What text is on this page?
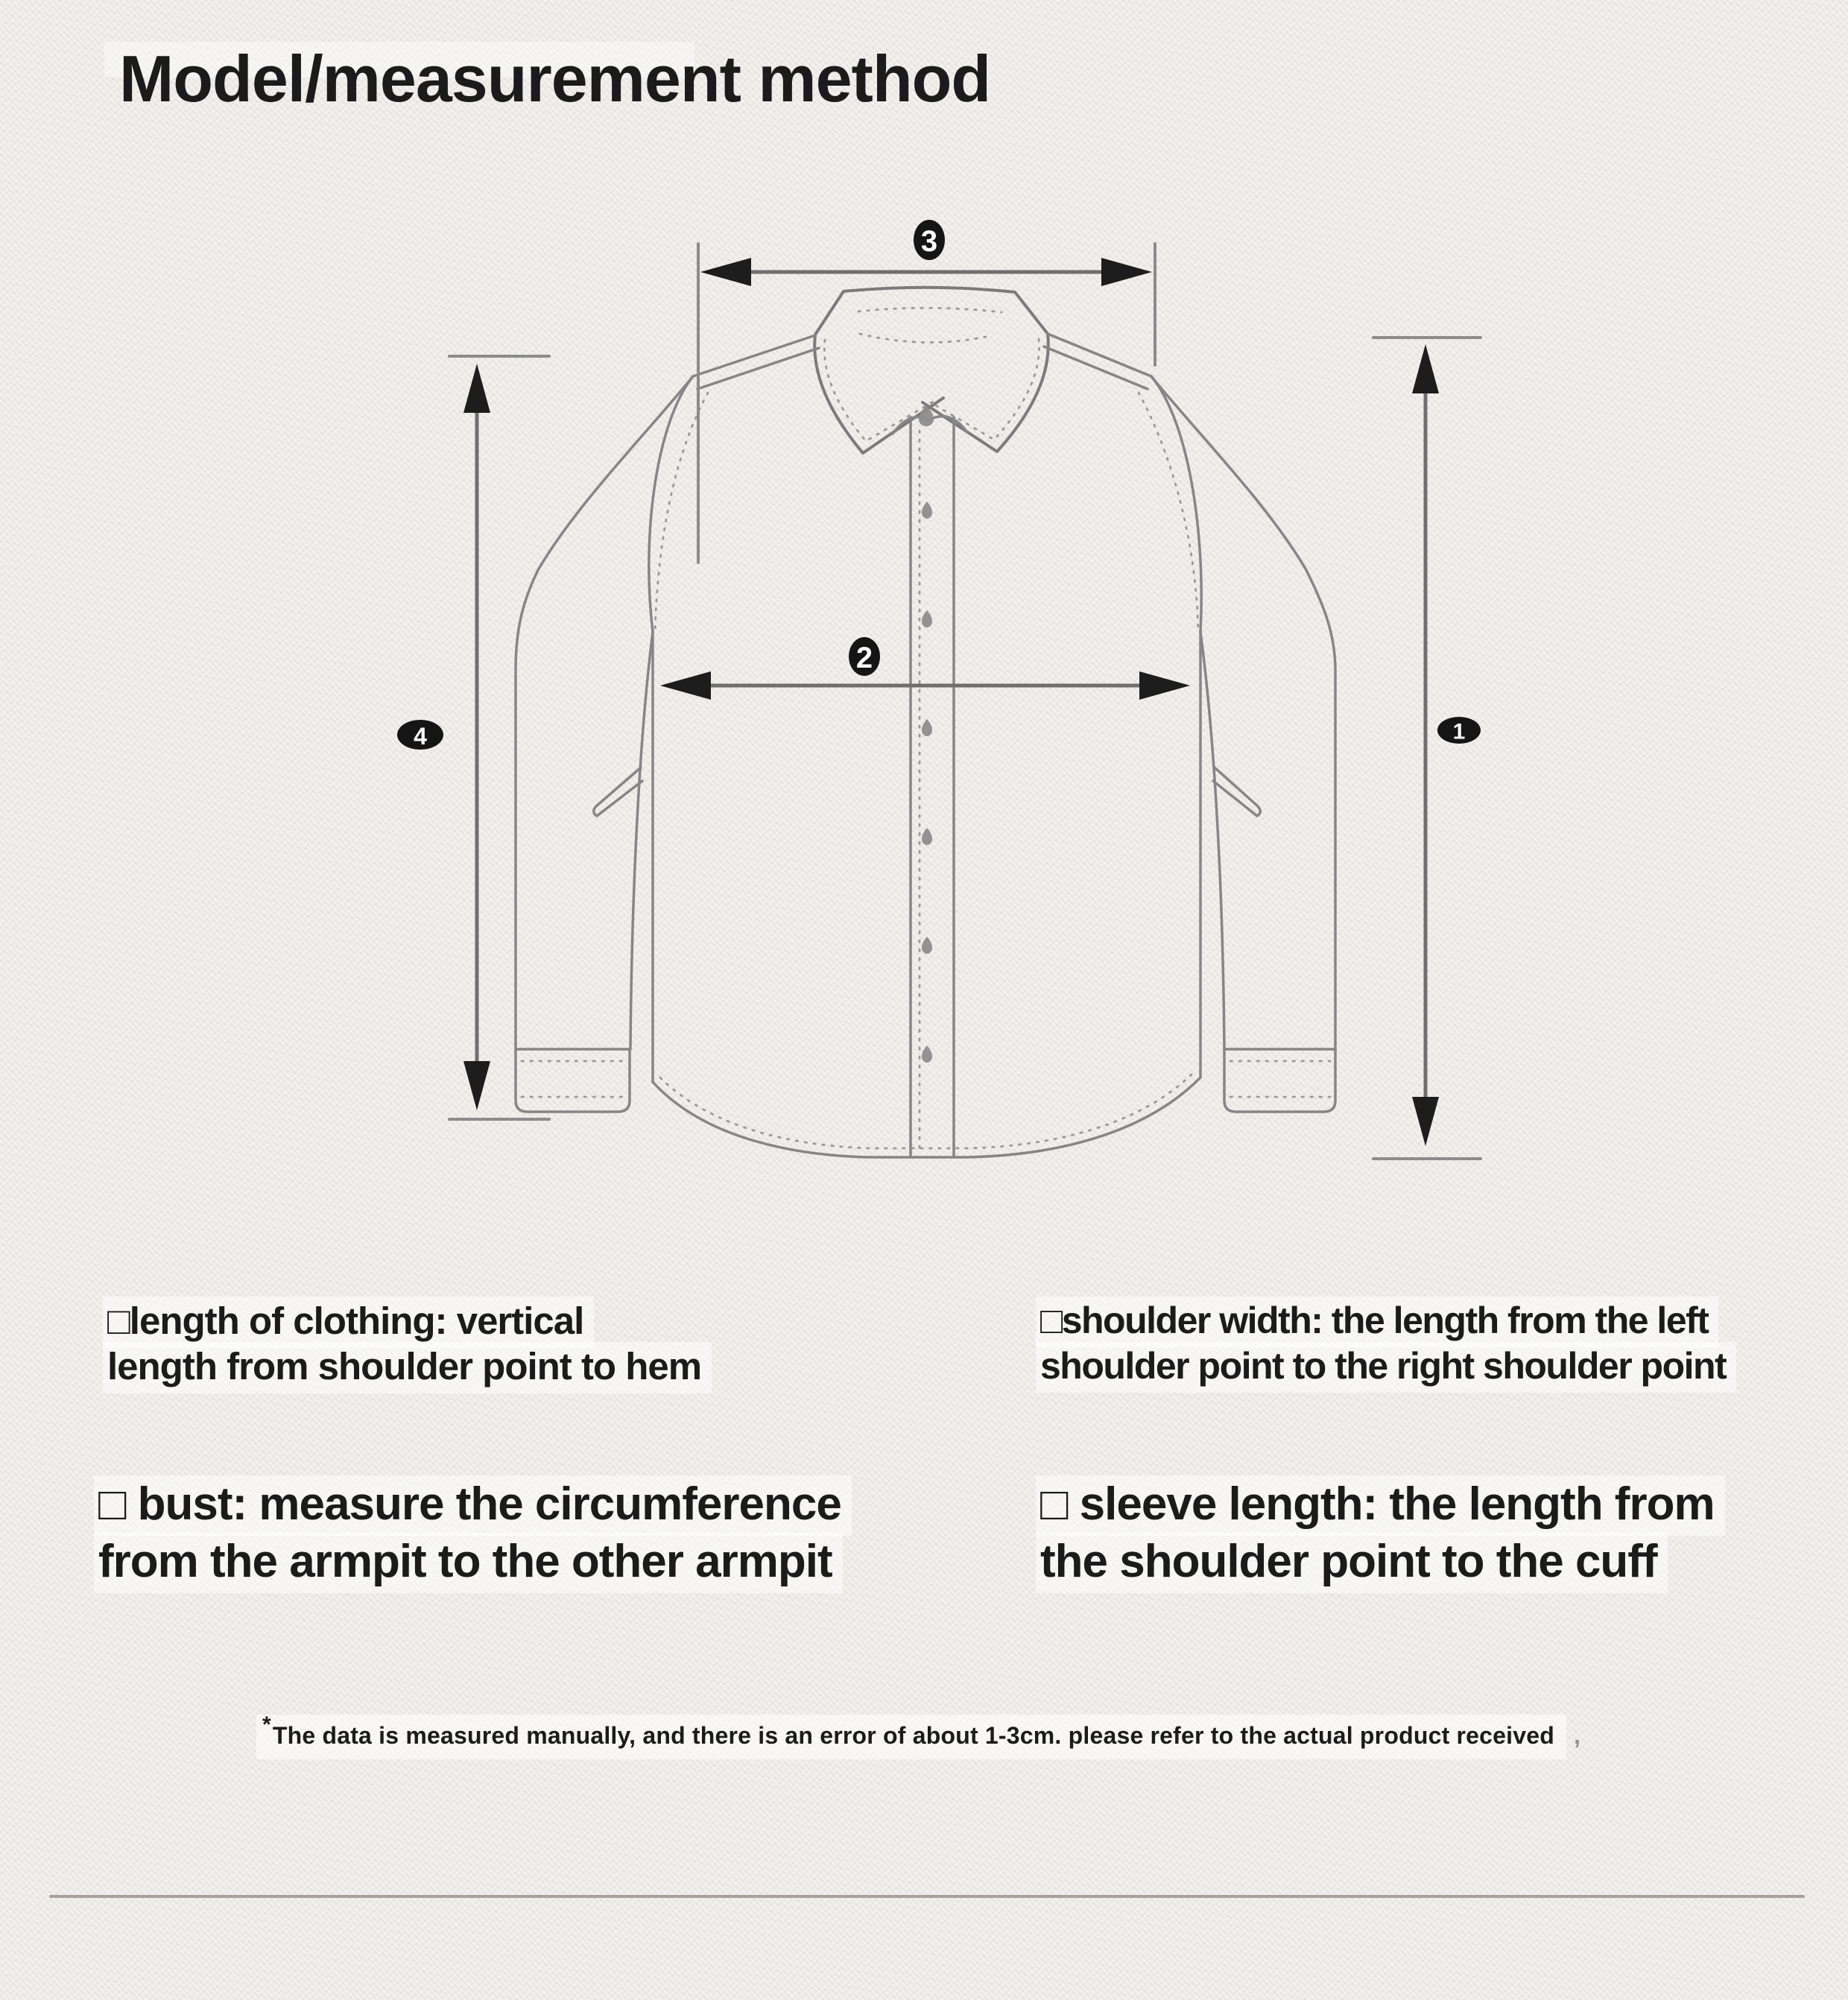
Model/measurement method
3
2
4	1
□length of clothing: vertical
length from shoulder point to hem
□shoulder width: the length from the left
shoulder point to the right shoulder point
□ bust: measure the circumference
from the armpit to the other armpit
□ sleeve length: the length from
the shoulder point to the cuff
*The data is measured manually, and there is an error of about 1-3cm. please refer to the actual product received ,
